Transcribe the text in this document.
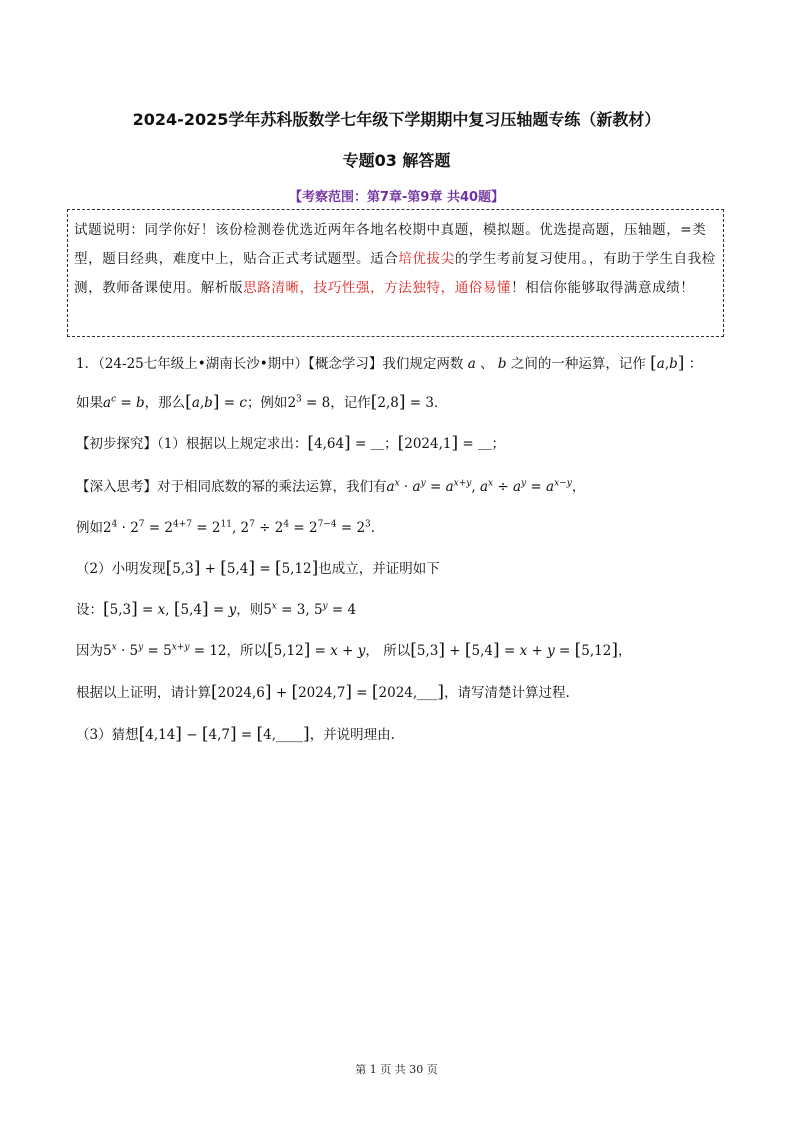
2024-2025学年苏科版数学七年级下学期期中复习压轴题专练（新教材）
专题03 解答题
【考察范围：第7章-第9章 共40题】

试题说明：同学你好！该份检测卷优选近两年各地名校期中真题，模拟题。优选提高题，压轴题，=类型，题目经典，难度中上，贴合正式考试题型。适合培优拔尖的学生考前复习使用。，有助于学生自我检测，教师备课使用。解析版思路清晰，技巧性强，方法独特，通俗易懂！相信你能够取得满意成绩！

1．（24-25七年级上•湖南长沙•期中）【概念学习】我们规定两数 a 、 b 之间的一种运算，记作 [a,b] ：
如果$a^c = b$，那么[a,b] = c；例如$2^3 = 8$，记作[2,8] = 3．
【初步探究】（1）根据以上规定求出：[4,64] = ＿；[2024,1] = ＿；
【深入思考】对于相同底数的幂的乘法运算，我们有$a^x \cdot a^y = a^{x+y}$, $a^x \div a^y = a^{x-y}$，
例如$2^4 \cdot 2^7 = 2^{4+7} = 2^{11}$, $2^7 \div 2^4 = 2^{7-4} = 2^3$．
（2）小明发现[5,3] + [5,4] = [5,12]也成立，并证明如下
设：[5,3] = x, [5,4] = y，则$5^x = 3$, $5^y = 4$
因为$5^x \cdot 5^y = 5^{x+y} = 12$，所以[5,12] = x + y， 所以[5,3] + [5,4] = x + y = [5,12]，
根据以上证明，请计算[2024,6] + [2024,7] = [2024,___]，请写清楚计算过程.
（3）猜想[4,14] − [4,7] = [4,____]，并说明理由.
第 1 页 共 30 页
